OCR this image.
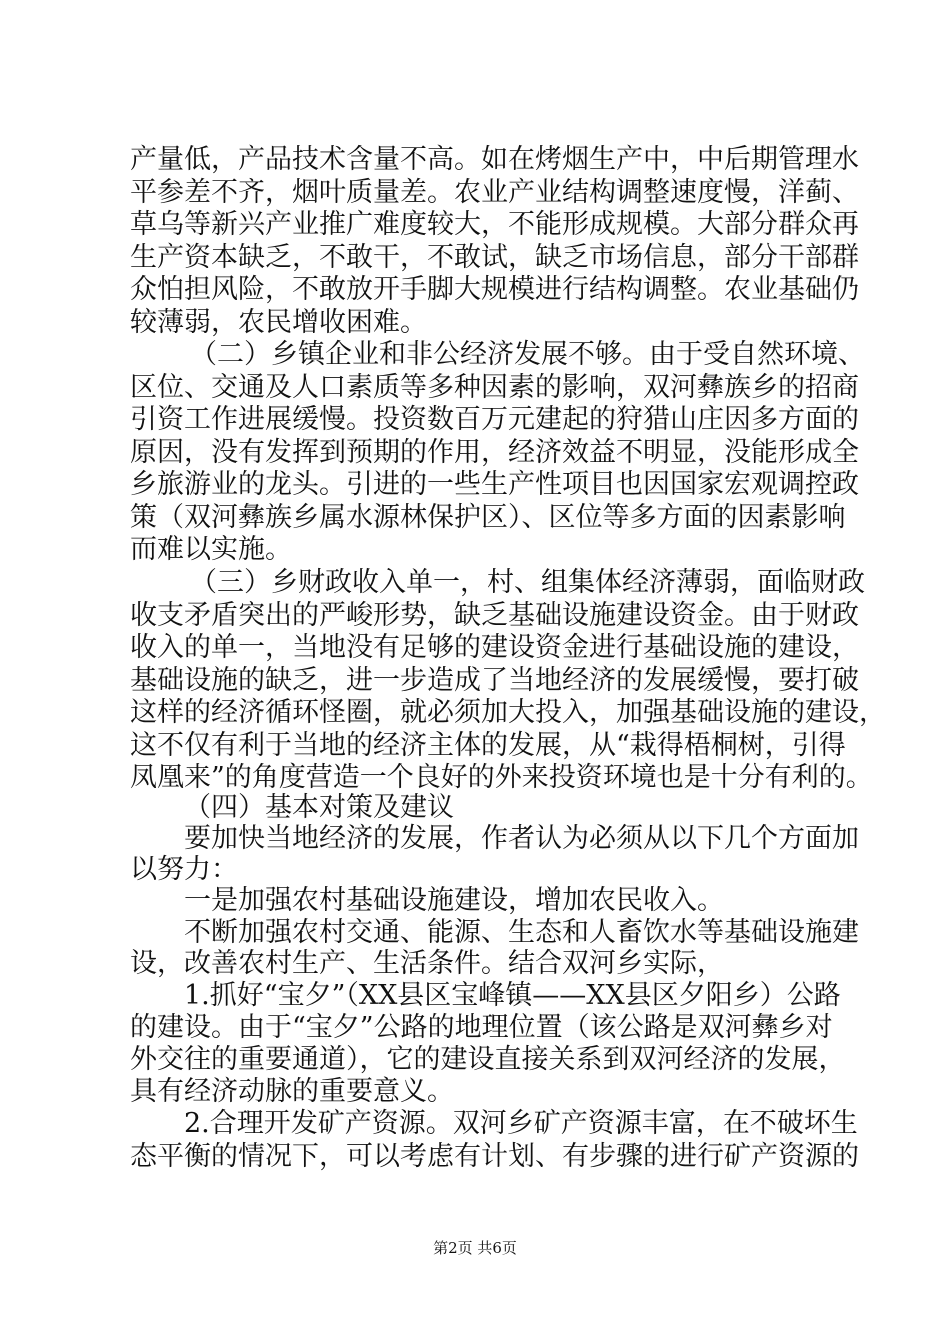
产量低，产品技术含量不高。如在烤烟生产中，中后期管理水
平参差不齐，烟叶质量差。农业产业结构调整速度慢，洋蓟、
草乌等新兴产业推广难度较大，不能形成规模。大部分群众再
生产资本缺乏，不敢干，不敢试，缺乏市场信息，部分干部群
众怕担风险，不敢放开手脚大规模进行结构调整。农业基础仍
较薄弱，农民增收困难。
（二）乡镇企业和非公经济发展不够。由于受自然环境、
区位、交通及人口素质等多种因素的影响，双河彝族乡的招商
引资工作进展缓慢。投资数百万元建起的狩猎山庄因多方面的
原因，没有发挥到预期的作用，经济效益不明显，没能形成全
乡旅游业的龙头。引进的一些生产性项目也因国家宏观调控政
策（双河彝族乡属水源林保护区）、区位等多方面的因素影响
而难以实施。
（三）乡财政收入单一，村、组集体经济薄弱，面临财政
收支矛盾突出的严峻形势，缺乏基础设施建设资金。由于财政
收入的单一，当地没有足够的建设资金进行基础设施的建设，
基础设施的缺乏，进一步造成了当地经济的发展缓慢，要打破
这样的经济循环怪圈，就必须加大投入，加强基础设施的建设，
这不仅有利于当地的经济主体的发展，从“栽得梧桐树，引得
凤凰来”的角度营造一个良好的外来投资环境也是十分有利的。
（四）基本对策及建议
要加快当地经济的发展，作者认为必须从以下几个方面加
以努力：
一是加强农村基础设施建设，增加农民收入。
不断加强农村交通、能源、生态和人畜饮水等基础设施建
设，改善农村生产、生活条件。结合双河乡实际，
1.抓好“宝夕”（XX县区宝峰镇——XX县区夕阳乡）公路
的建设。由于“宝夕”公路的地理位置（该公路是双河彝乡对
外交往的重要通道），它的建设直接关系到双河经济的发展，
具有经济动脉的重要意义。
2.合理开发矿产资源。双河乡矿产资源丰富，在不破坏生
态平衡的情况下，可以考虑有计划、有步骤的进行矿产资源的
第2页 共6页
